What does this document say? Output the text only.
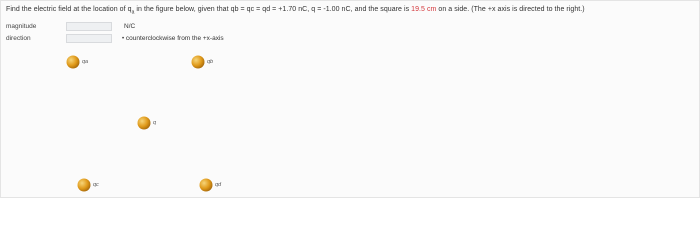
Find the electric field at the location of $q_a$ in the figure below, given that qb = qc = qd = +1.70 nC, q = -1.00 nC, and the square is 19.5 cm on a side. (The +x axis is directed to the right.)
magnitude	N/C
direction	• counterclockwise from the +x-axis
qa	qb
q
qc	qd
